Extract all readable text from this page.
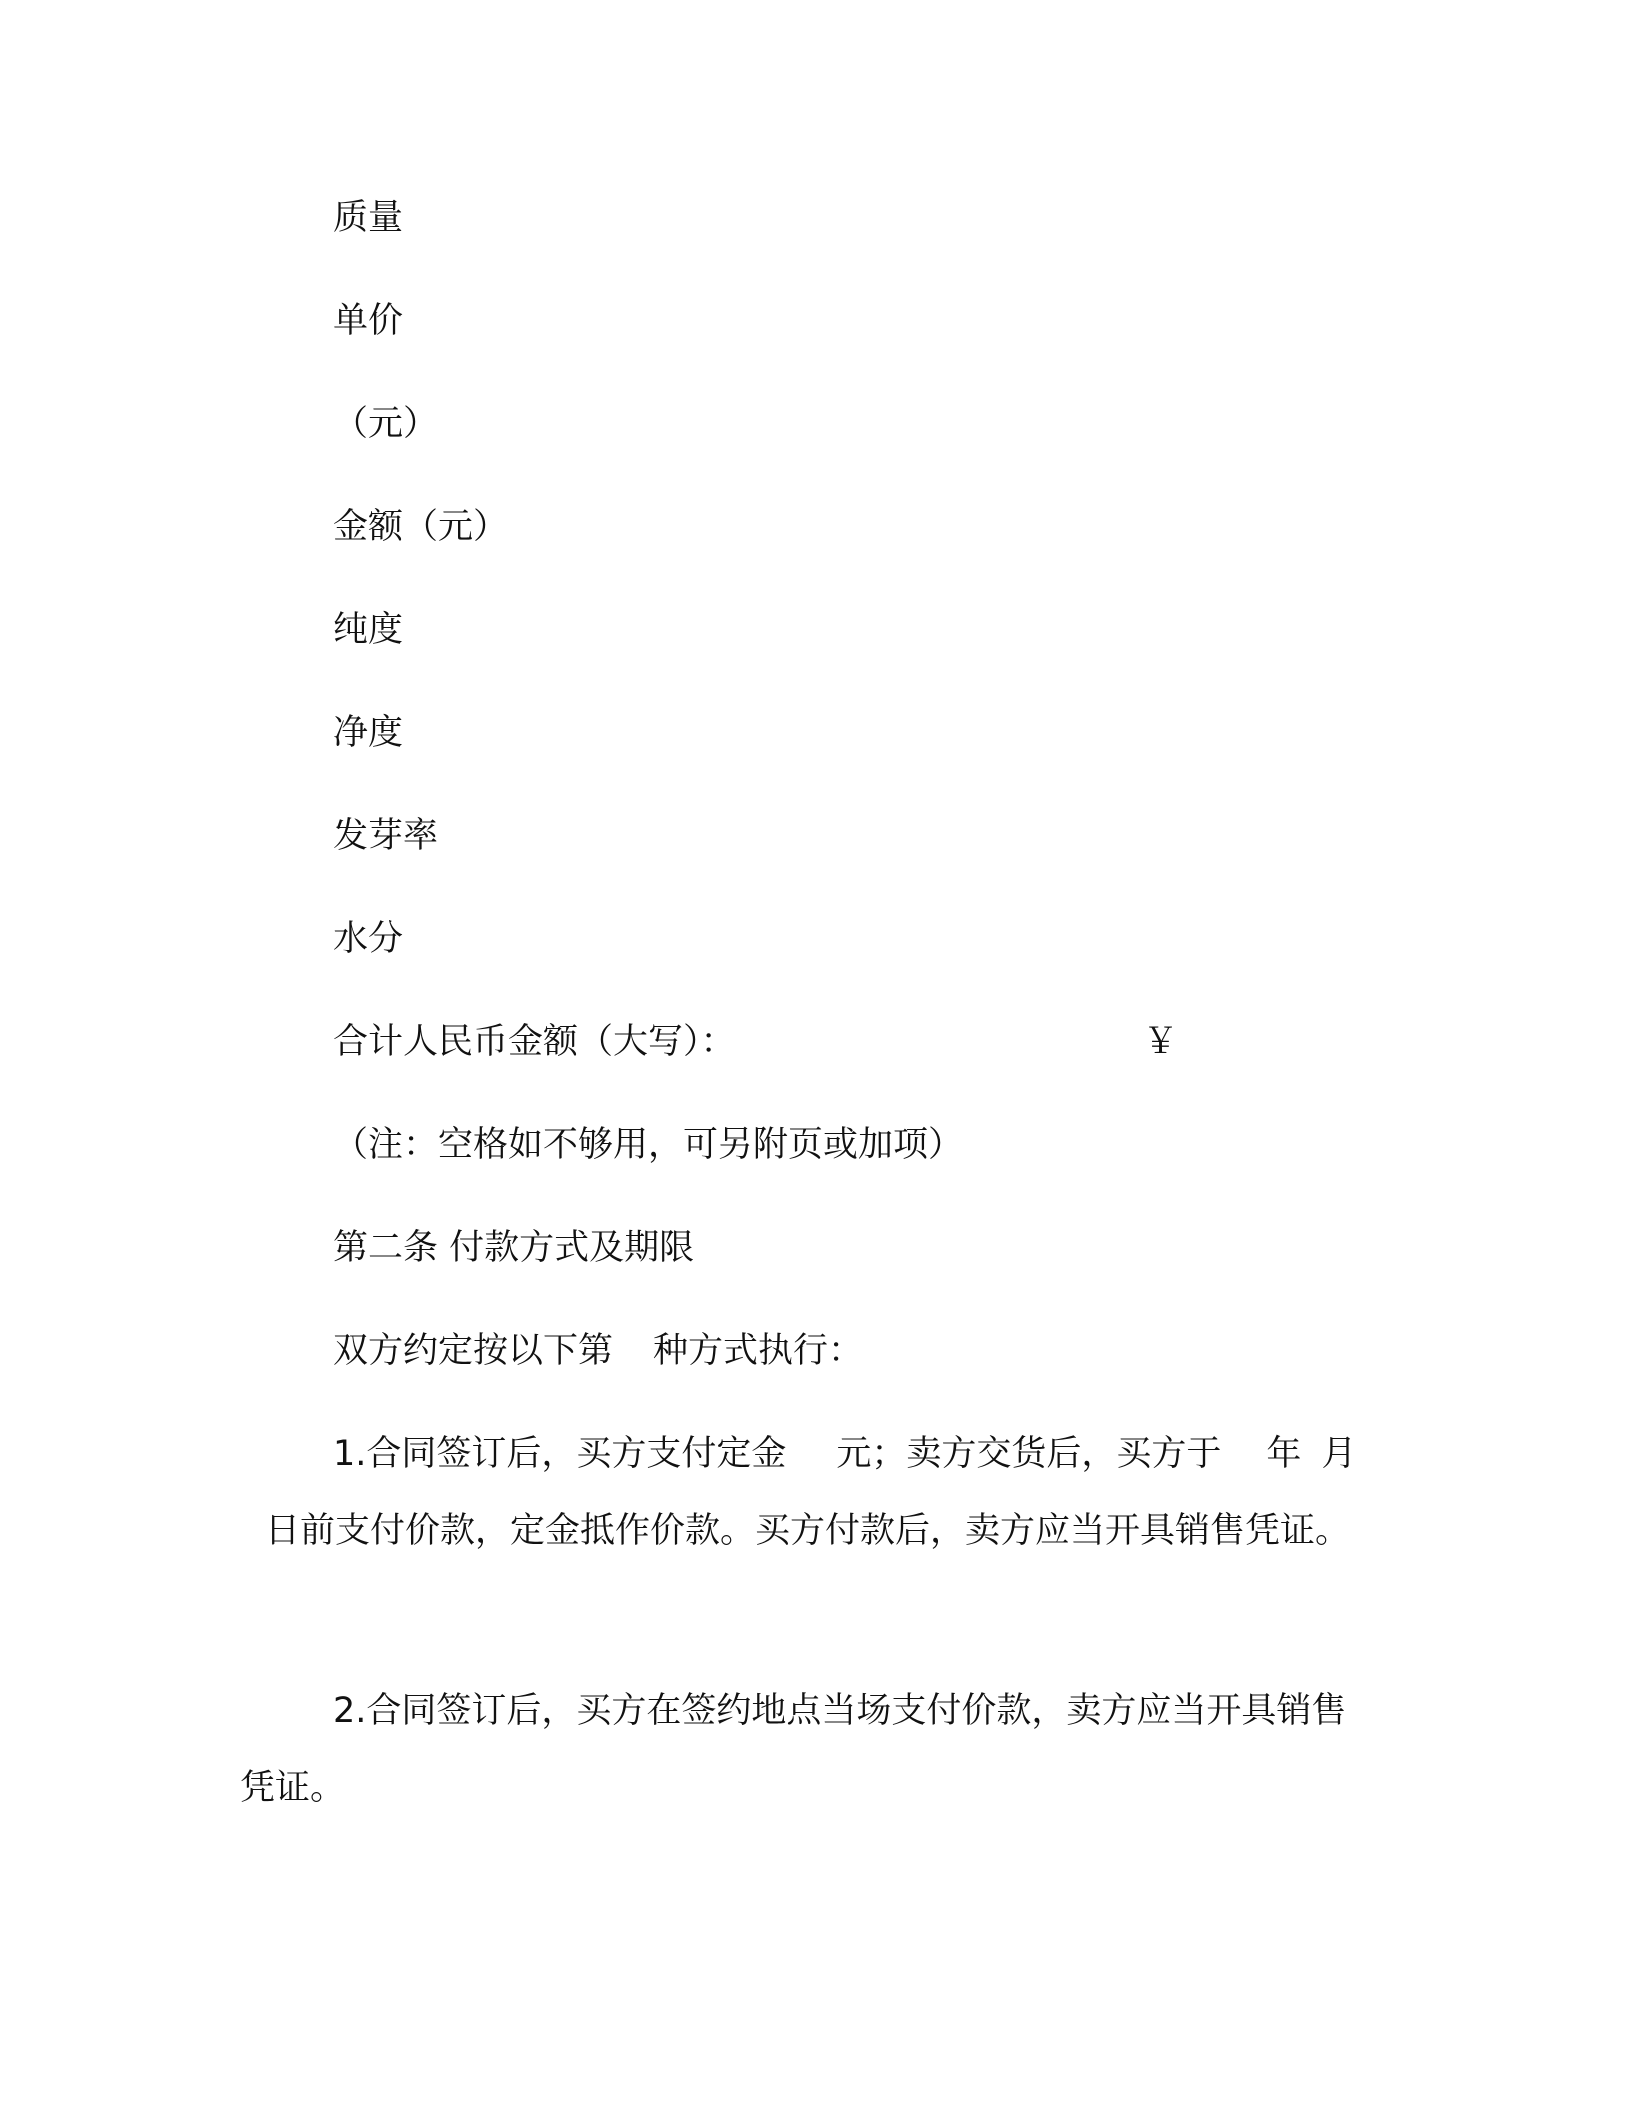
质量

单价

（元）

金额（元）

纯度

净度

发芽率

水分

合计人民币金额（大写）：	￥

（注：空格如不够用，可另附页或加项）

第二条 付款方式及期限

双方约定按以下第 种方式执行：

1.合同签订后，买方支付定金 元；卖方交货后，买方于 年 月日前支付价款，定金抵作价款。买方付款后，卖方应当开具销售凭证。

2.合同签订后，买方在签约地点当场支付价款，卖方应当开具销售凭证。
